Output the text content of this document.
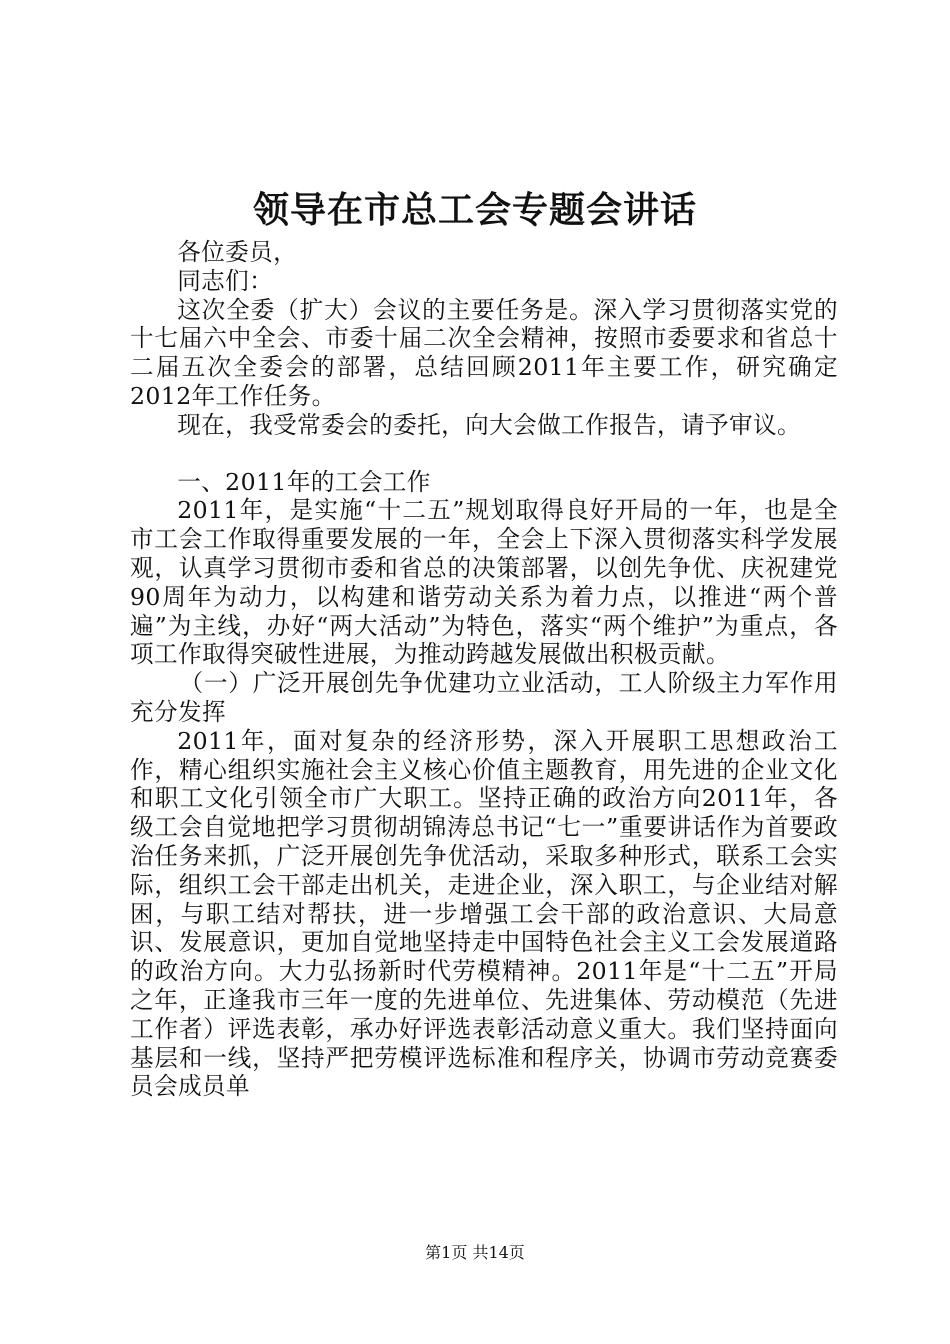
领导在市总工会专题会讲话

各位委员，

同志们：

这次全委（扩大）会议的主要任务是。深入学习贯彻落实党的十七届六中全会、市委十届二次全会精神，按照市委要求和省总十二届五次全委会的部署，总结回顾2011年主要工作，研究确定2012年工作任务。

现在，我受常委会的委托，向大会做工作报告，请予审议。

一、2011年的工会工作

2011年，是实施“十二五”规划取得良好开局的一年，也是全市工会工作取得重要发展的一年，全会上下深入贯彻落实科学发展观，认真学习贯彻市委和省总的决策部署，以创先争优、庆祝建党90周年为动力，以构建和谐劳动关系为着力点，以推进“两个普遍”为主线，办好“两大活动”为特色，落实“两个维护”为重点，各项工作取得突破性进展，为推动跨越发展做出积极贡献。

（一）广泛开展创先争优建功立业活动，工人阶级主力军作用充分发挥

2011年，面对复杂的经济形势，深入开展职工思想政治工作，精心组织实施社会主义核心价值主题教育，用先进的企业文化和职工文化引领全市广大职工。坚持正确的政治方向2011年，各级工会自觉地把学习贯彻胡锦涛总书记“七一”重要讲话作为首要政治任务来抓，广泛开展创先争优活动，采取多种形式，联系工会实际，组织工会干部走出机关，走进企业，深入职工，与企业结对解困，与职工结对帮扶，进一步增强工会干部的政治意识、大局意识、发展意识，更加自觉地坚持走中国特色社会主义工会发展道路的政治方向。大力弘扬新时代劳模精神。2011年是“十二五”开局之年，正逢我市三年一度的先进单位、先进集体、劳动模范（先进工作者）评选表彰，承办好评选表彰活动意义重大。我们坚持面向基层和一线，坚持严把劳模评选标准和程序关，协调市劳动竞赛委员会成员单

第1页 共14页
